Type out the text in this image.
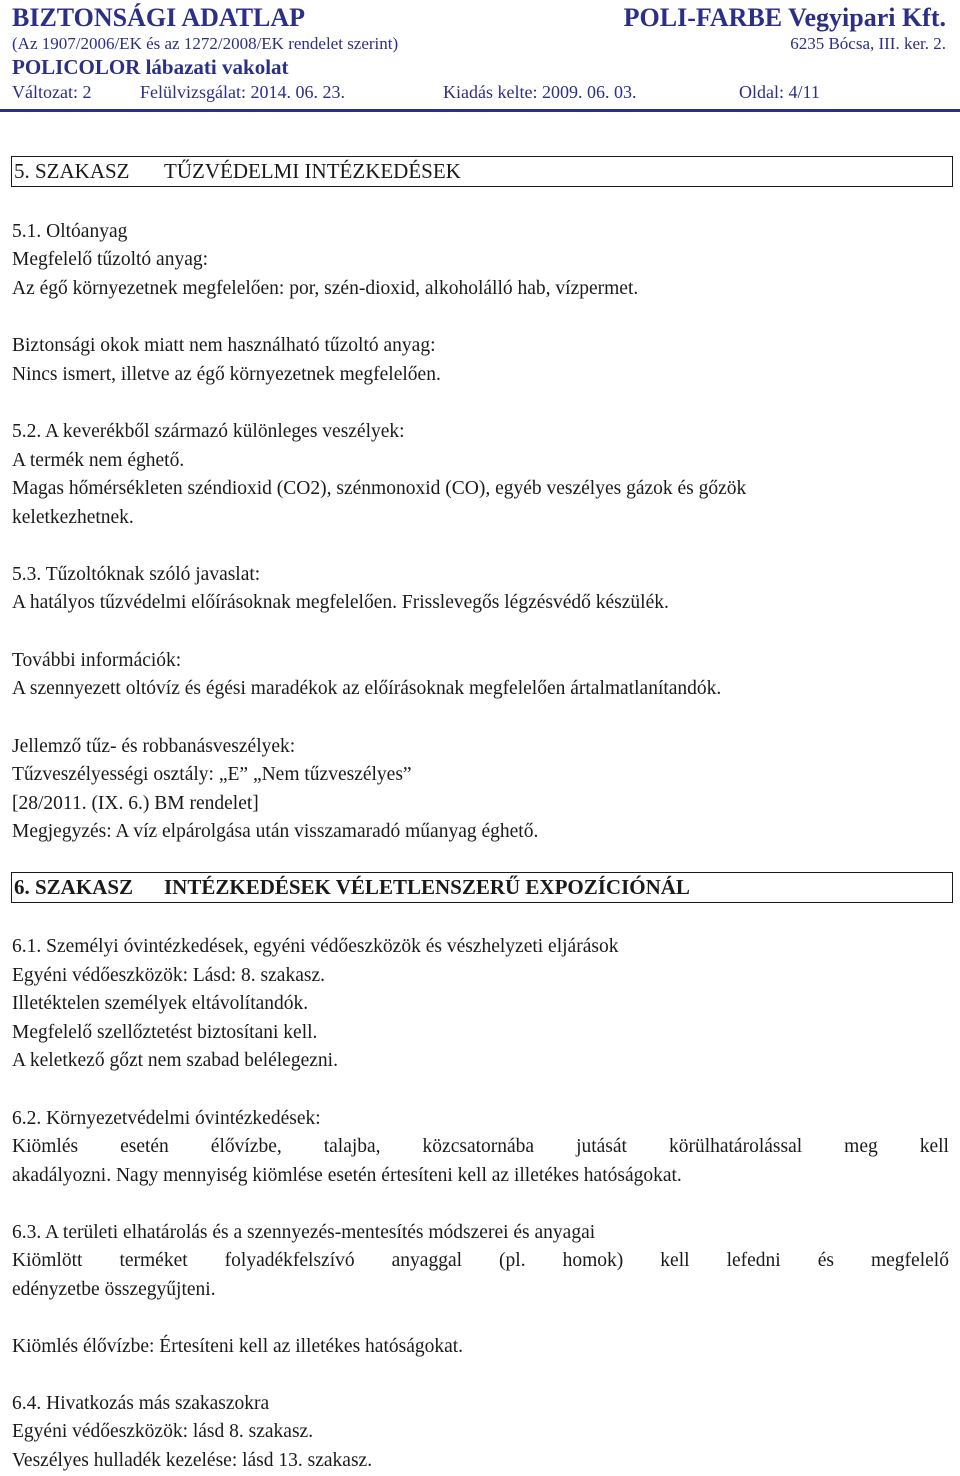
BIZTONSÁGI ADATLAP	POLI-FARBE Vegyipari Kft.
(Az 1907/2006/EK és az 1272/2008/EK rendelet szerint)	6235 Bócsa, III. ker. 2.
POLICOLOR lábazati vakolat
Változat: 2	Felülvizsgálat: 2014. 06. 23.	Kiadás kelte: 2009. 06. 03.	Oldal: 4/11
5. SZAKASZ TŰZVÉDELMI INTÉZKEDÉSEK
5.1. Oltóanyag
Megfelelő tűzoltó anyag:
Az égő környezetnek megfelelően: por, szén-dioxid, alkoholálló hab, vízpermet.
Biztonsági okok miatt nem használható tűzoltó anyag:
Nincs ismert, illetve az égő környezetnek megfelelően.
5.2. A keverékből származó különleges veszélyek:
A termék nem éghető.
Magas hőmérsékleten széndioxid (CO2), szénmonoxid (CO), egyéb veszélyes gázok és gőzök
keletkezhetnek.
5.3. Tűzoltóknak szóló javaslat:
A hatályos tűzvédelmi előírásoknak megfelelően. Frisslevegős légzésvédő készülék.
További információk:
A szennyezett oltóvíz és égési maradékok az előírásoknak megfelelően ártalmatlanítandók.
Jellemző tűz- és robbanásveszélyek:
Tűzveszélyességi osztály: „E” „Nem tűzveszélyes”
[28/2011. (IX. 6.) BM rendelet]
Megjegyzés: A víz elpárolgása után visszamaradó műanyag éghető.
6. SZAKASZ INTÉZKEDÉSEK VÉLETLENSZERŰ EXPOZÍCIÓNÁL
6.1. Személyi óvintézkedések, egyéni védőeszközök és vészhelyzeti eljárások
Egyéni védőeszközök: Lásd: 8. szakasz.
Illetéktelen személyek eltávolítandók.
Megfelelő szellőztetést biztosítani kell.
A keletkező gőzt nem szabad belélegezni.
6.2. Környezetvédelmi óvintézkedések:
Kiömlés esetén élővízbe, talajba, közcsatornába jutását körülhatárolással meg kell
akadályozni. Nagy mennyiség kiömlése esetén értesíteni kell az illetékes hatóságokat.
6.3. A területi elhatárolás és a szennyezés-mentesítés módszerei és anyagai
Kiömlött terméket folyadékfelszívó anyaggal (pl. homok) kell lefedni és megfelelő
edényzetbe összegyűjteni.
Kiömlés élővízbe: Értesíteni kell az illetékes hatóságokat.
6.4. Hivatkozás más szakaszokra
Egyéni védőeszközök: lásd 8. szakasz.
Veszélyes hulladék kezelése: lásd 13. szakasz.
